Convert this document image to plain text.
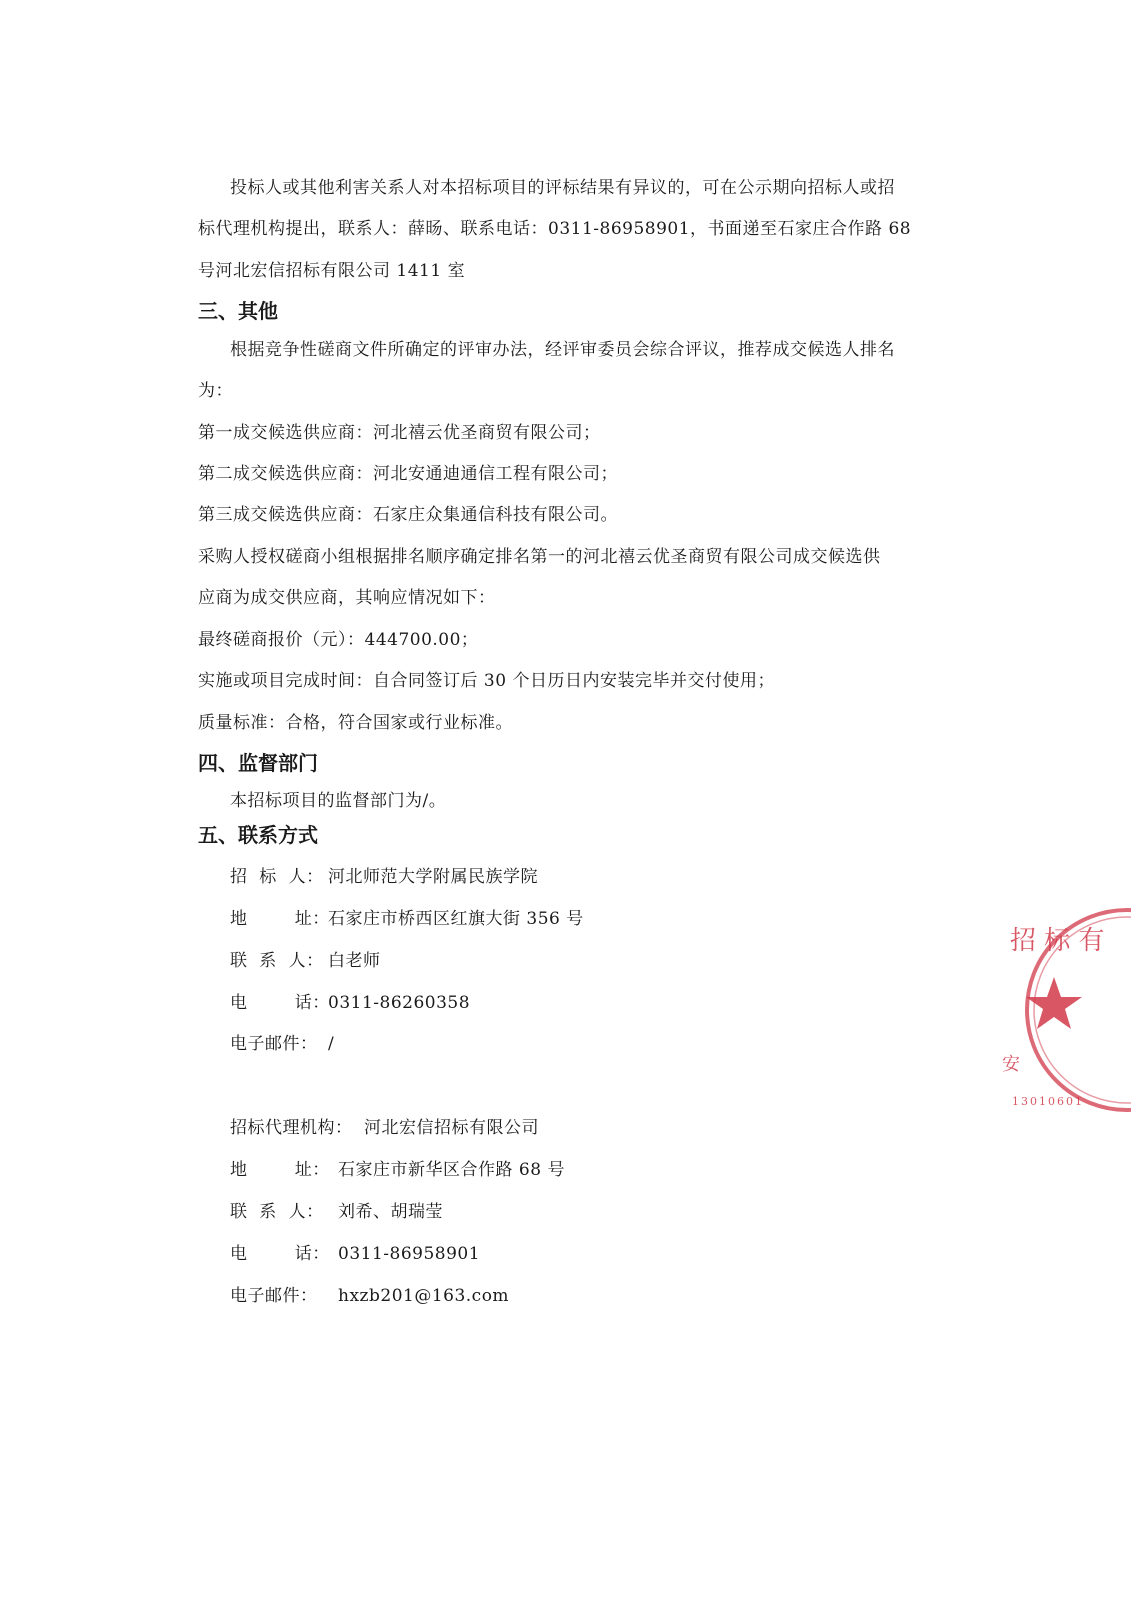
投标人或其他利害关系人对本招标项目的评标结果有异议的，可在公示期向招标人或招
标代理机构提出，联系人：薛旸、联系电话：0311-86958901，书面递至石家庄合作路 68
号河北宏信招标有限公司 1411 室
三、其他
根据竞争性磋商文件所确定的评审办法，经评审委员会综合评议，推荐成交候选人排名
为：
第一成交候选供应商：河北禧云优圣商贸有限公司；
第二成交候选供应商：河北安通迪通信工程有限公司；
第三成交候选供应商：石家庄众集通信科技有限公司。
采购人授权磋商小组根据排名顺序确定排名第一的河北禧云优圣商贸有限公司成交候选供
应商为成交供应商，其响应情况如下：
最终磋商报价（元）：444700.00；
实施或项目完成时间：自合同签订后 30 个日历日内安装完毕并交付使用；
质量标准：合格，符合国家或行业标准。
四、监督部门
本招标项目的监督部门为/。
五、联系方式
招  标  人： 河北师范大学附属民族学院
地        址：
石家庄市桥西区红旗大街 356 号
联  系  人： 白老师
电        话：
0311-86260358
电子邮件： /
招标代理机构： 河北宏信招标有限公司
地        址： 石家庄市新华区合作路 68 号
联  系  人： 刘希、胡瑞莹
电        话： 0311-86958901
电子邮件：	hxzb201@163.com
招 标 有
安
13010601
